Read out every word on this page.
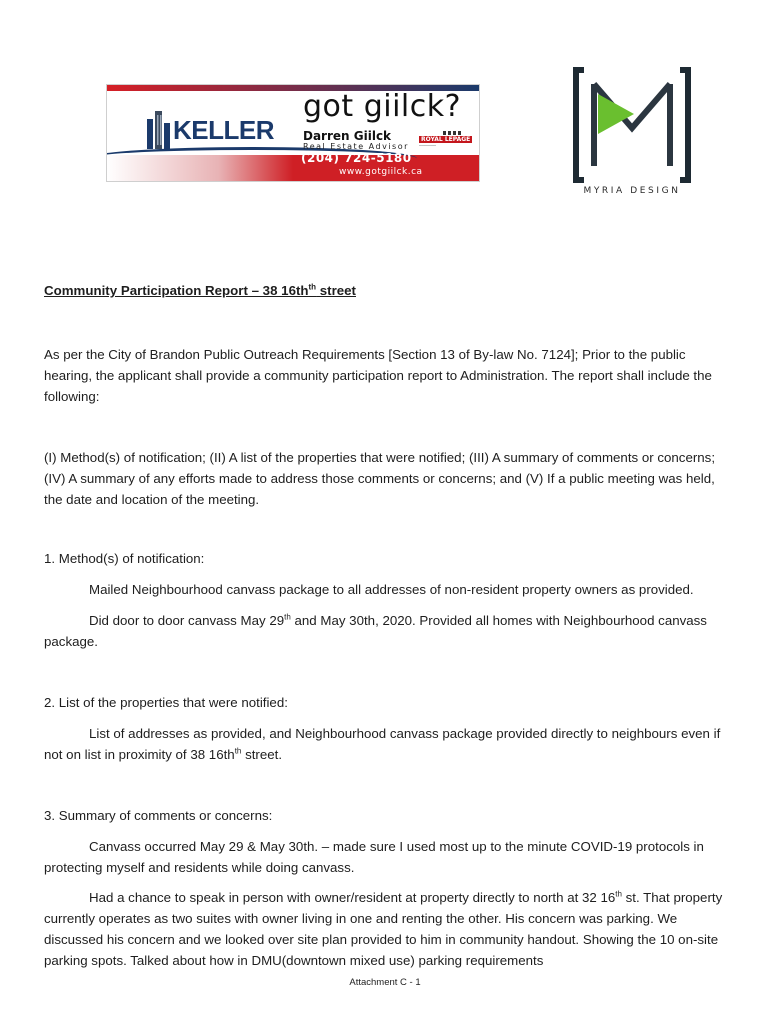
KELLER
got giilck?
Darren Giilck
Real Estate Advisor
(204) 724-5180
www.gotgiilck.ca
ROYAL LEPAGE
──────
MYRIA DESIGN
Community Participation Report – 38 $16th^{th}$ street
As per the City of Brandon Public Outreach Requirements [Section 13 of By-law No. 7124]; Prior to the public hearing, the applicant shall provide a community participation report to Administration. The report shall include the following:
(I) Method(s) of notification; (II) A list of the properties that were notified; (III) A summary of comments or concerns; (IV) A summary of any efforts made to address those comments or concerns; and (V) If a public meeting was held, the date and location of the meeting.
1. Method(s) of notification:
Mailed Neighbourhood canvass package to all addresses of non-resident property owners as provided.
Did door to door canvass May 29th and May 30th, 2020. Provided all homes with Neighbourhood canvass package.
2. List of the properties that were notified:
List of addresses as provided, and Neighbourhood canvass package provided directly to neighbours even if not on list in proximity of 38 $16th^{th}$ street.
3. Summary of comments or concerns:
Canvass occurred May 29 & May 30th. – made sure I used most up to the minute COVID-19 protocols in protecting myself and residents while doing canvass.
Had a chance to speak in person with owner/resident at property directly to north at 32 16th st. That property currently operates as two suites with owner living in one and renting the other. His concern was parking. We discussed his concern and we looked over site plan provided to him in community handout. Showing the 10 on-site parking spots. Talked about how in DMU(downtown mixed use) parking requirements
Attachment C - 1
